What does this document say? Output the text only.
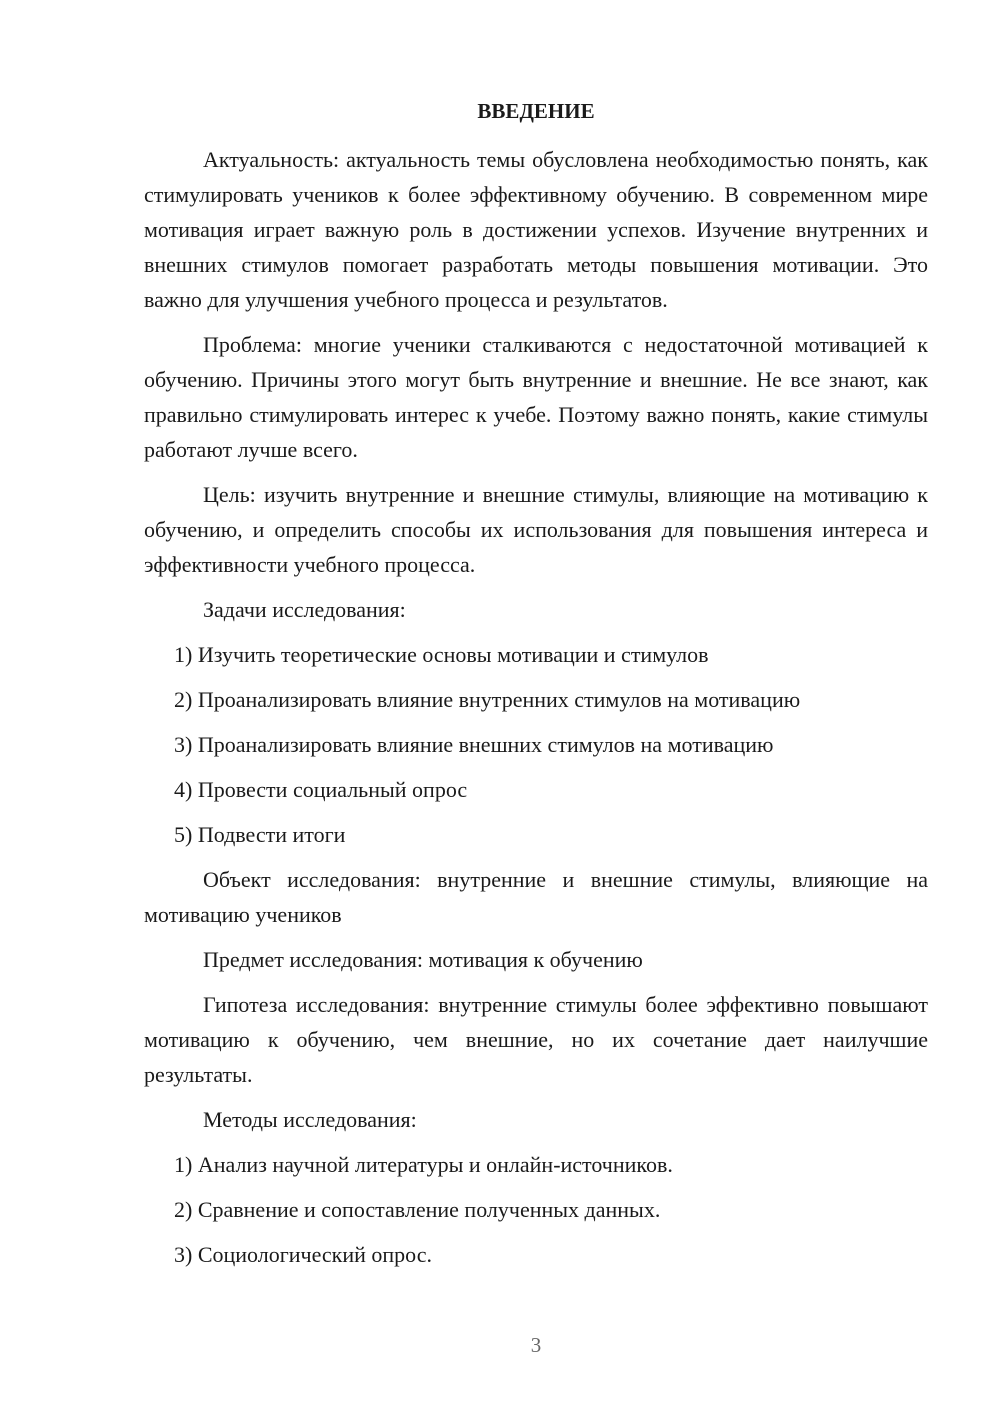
ВВЕДЕНИЕ

Актуальность: актуальность темы обусловлена необходимостью понять, как стимулировать учеников к более эффективному обучению. В современном мире мотивация играет важную роль в достижении успехов. Изучение внутренних и внешних стимулов помогает разработать методы повышения мотивации. Это важно для улучшения учебного процесса и результатов.

Проблема: многие ученики сталкиваются с недостаточной мотивацией к обучению. Причины этого могут быть внутренние и внешние. Не все знают, как правильно стимулировать интерес к учебе. Поэтому важно понять, какие стимулы работают лучше всего.

Цель: изучить внутренние и внешние стимулы, влияющие на мотивацию к обучению, и определить способы их использования для повышения интереса и эффективности учебного процесса.

Задачи исследования:

1) Изучить теоретические основы мотивации и стимулов

2) Проанализировать влияние внутренних стимулов на мотивацию

3) Проанализировать влияние внешних стимулов на мотивацию

4) Провести социальный опрос

5) Подвести итоги

Объект исследования: внутренние и внешние стимулы, влияющие на мотивацию учеников

Предмет исследования: мотивация к обучению

Гипотеза исследования: внутренние стимулы более эффективно повышают мотивацию к обучению, чем внешние, но их сочетание дает наилучшие результаты.

Методы исследования:

1) Анализ научной литературы и онлайн-источников.

2) Сравнение и сопоставление полученных данных.

3) Социологический опрос.

3
